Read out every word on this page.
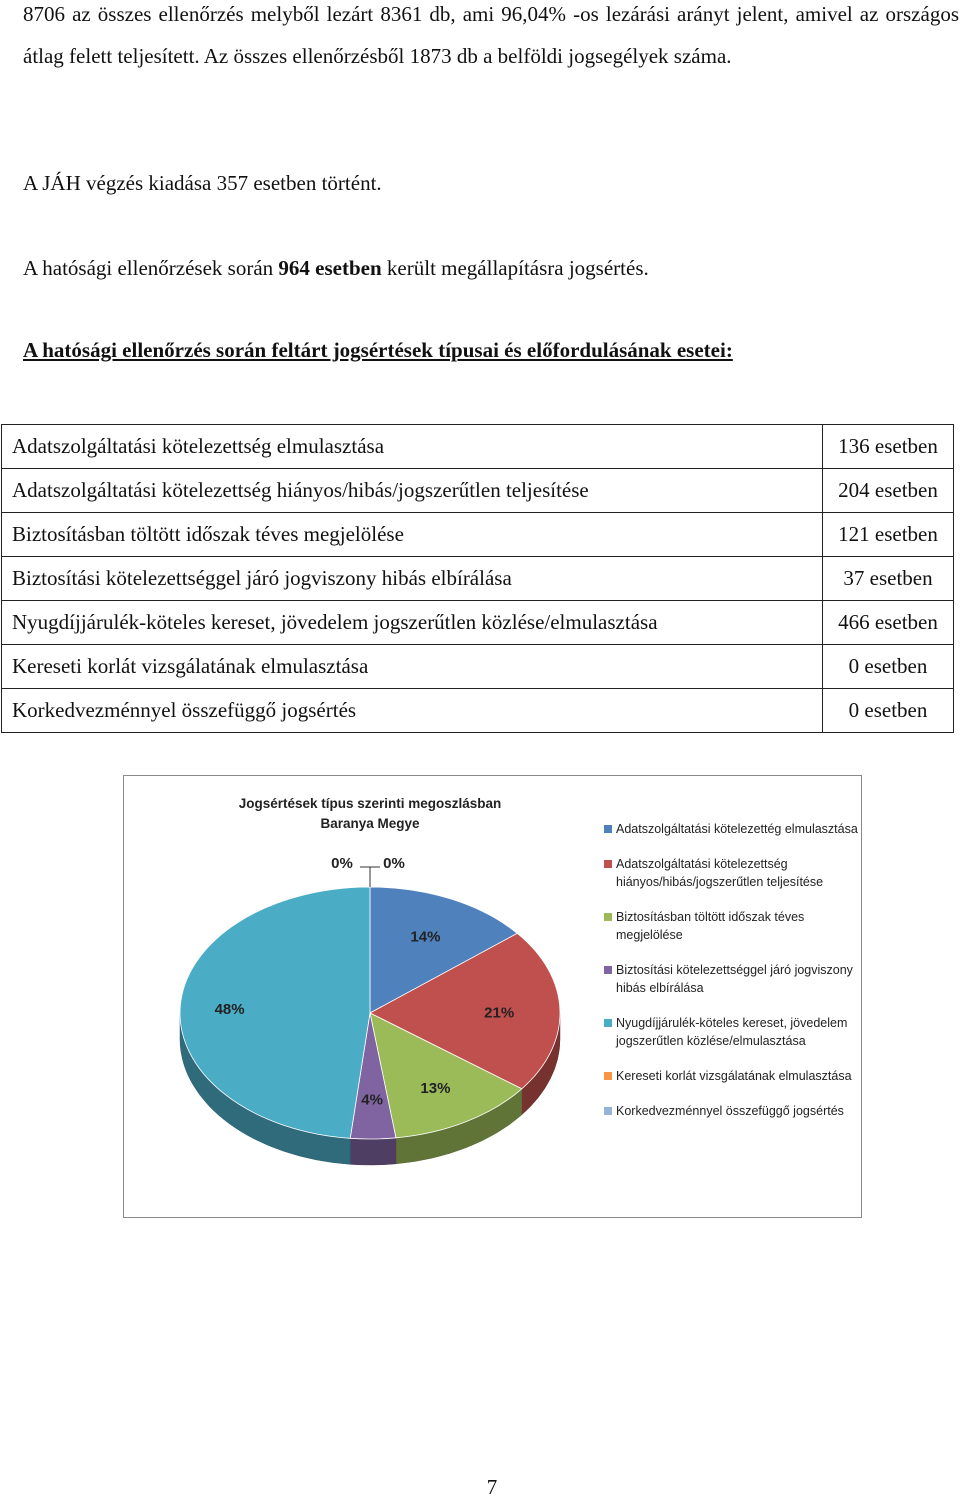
8706 az összes ellenőrzés melyből lezárt 8361 db, ami 96,04% -os lezárási arányt jelent, amivel az országos átlag felett teljesített. Az összes ellenőrzésből 1873 db a belföldi jogsegélyek száma.

A JÁH végzés kiadása 357 esetben történt.

A hatósági ellenőrzések során 964 esetben került megállapításra jogsértés.

A hatósági ellenőrzés során feltárt jogsértések típusai és előfordulásának esetei:

Adatszolgáltatási kötelezettség elmulasztása	136 esetben
Adatszolgáltatási kötelezettség hiányos/hibás/jogszerűtlen teljesítése	204 esetben
Biztosításban töltött időszak téves megjelölése	121 esetben
Biztosítási kötelezettséggel járó jogviszony hibás elbírálása	37 esetben
Nyugdíjjárulék-köteles kereset, jövedelem jogszerűtlen közlése/elmulasztása	466 esetben
Kereseti korlát vizsgálatának elmulasztása	0 esetben
Korkedvezménnyel összefüggő jogsértés	0 esetben
Jogsértések típus szerinti megoszlásban
Baranya Megye
14%
21%
13%
4%
48%
0% 0%
Adatszolgáltatási kötelezettég elmulasztása
Adatszolgáltatási kötelezettség hiányos/hibás/jogszerűtlen teljesítése
Biztosításban töltött időszak téves megjelölése
Biztosítási kötelezettséggel járó jogviszony hibás elbírálása
Nyugdíjjárulék-köteles kereset, jövedelem jogszerűtlen közlése/elmulasztása
Kereseti korlát vizsgálatának elmulasztása
Korkedvezménnyel összefüggő jogsértés
7
